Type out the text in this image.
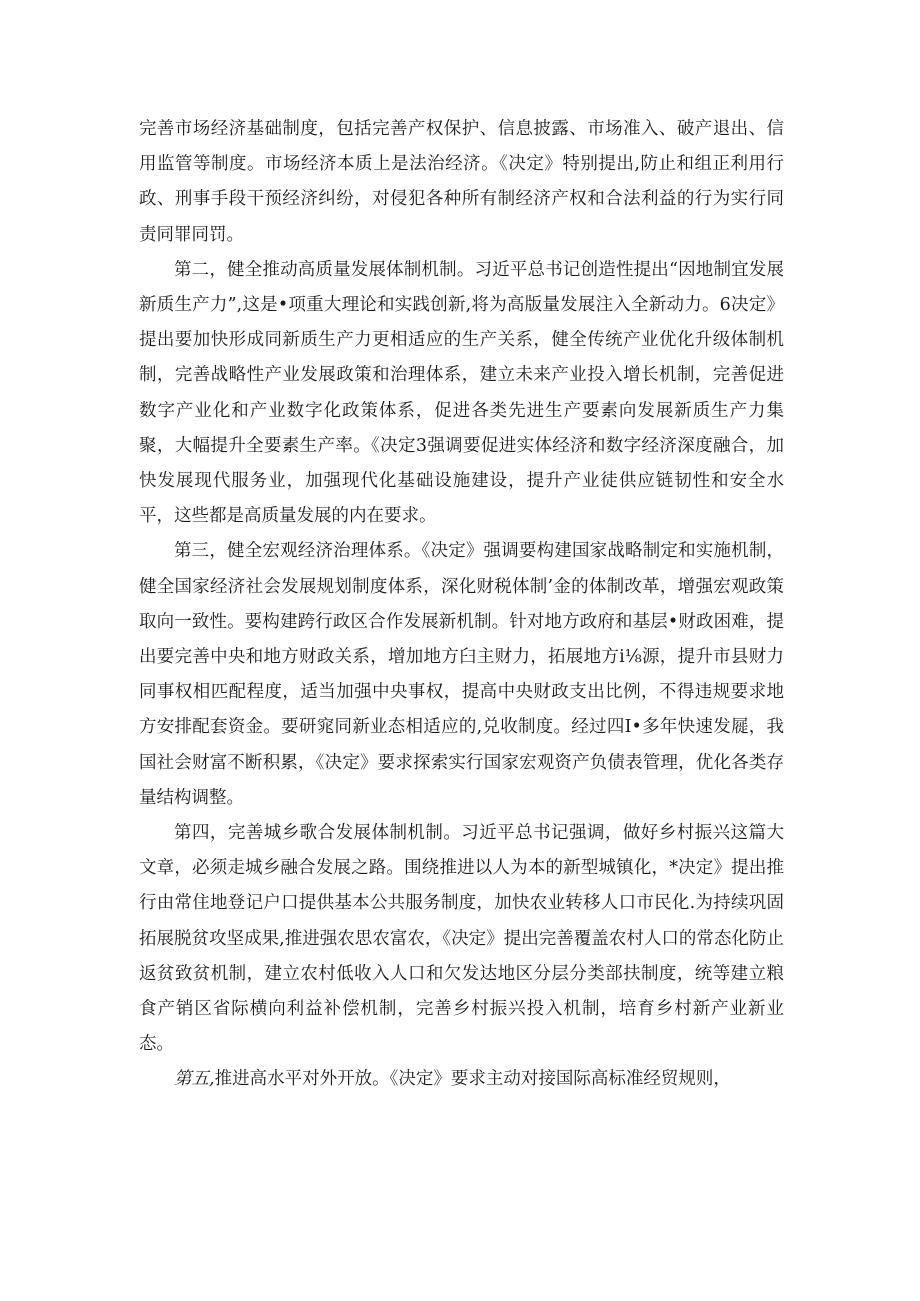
完善市场经济基础制度，包括完善产权保护、信息披露、市场准入、破产退出、信用监管等制度。市场经济本质上是法治经济。《决定》特别提出,防止和组正利用行政、刑事手段干预经济纠纷，对侵犯各种所有制经济产权和合法利益的行为实行同责同罪同罚。

第二，健全推动高质量发展体制机制。习近平总书记创造性提出“因地制宜发展新质生产力”,这是•项重大理论和实践创新,将为高版量发展注入全新动力。6决定》提出要加快形成同新质生产力更相适应的生产关系，健全传统产业优化升级体制机制，完善战略性产业发展政策和治理体系，建立未来产业投入增长机制，完善促进数字产业化和产业数字化政策体系，促进各类先进生产要素向发展新质生产力集聚，大幅提升全要素生产率。《决定3强调要促进实体经济和数字经济深度融合，加快发展现代服务业，加强现代化基础设施建设，提升产业徒供应链韧性和安全水平，这些都是高质量发展的内在要求。

第三，健全宏观经济治理体系。《决定》强调要构建国家战略制定和实施机制，健全国家经济社会发展规划制度体系，深化财税体制’金的体制改革，增强宏观政策取向一致性。要构建跨行政区合作发展新机制。针对地方政府和基层•财政困难，提出要完善中央和地方财政关系，增加地方臼主财力，拓展地方i⅛源，提升市县财力同事权相匹配程度，适当加强中央事权，提高中央财政支出比例，不得违规要求地方安排配套资金。要研窕同新业态相适应的,兑收制度。经过四I•多年快速发屣，我国社会财富不断积累，《决定》要求探索实行国家宏观资产负债表管理，优化各类存量结构调整。

第四，完善城乡歌合发展体制机制。习近平总书记强调，做好乡村振兴这篇大文章，必须走城乡融合发展之路。围绕推进以人为本的新型城镇化，*决定》提出推行由常住地登记户口提供基本公共服务制度，加快农业转移人口市民化.为持续巩固拓展脱贫攻坚成果,推进强农思农富农，《决定》提出完善覆盖农村人口的常态化防止返贫致贫机制，建立农村低收入人口和欠发达地区分层分类部扶制度，统等建立粮食产销区省际横向利益补偿机制，完善乡村振兴投入机制，培育乡村新产业新业态。

第五,推进高水平对外开放。《决定》要求主动对接国际高标准经贸规则，
